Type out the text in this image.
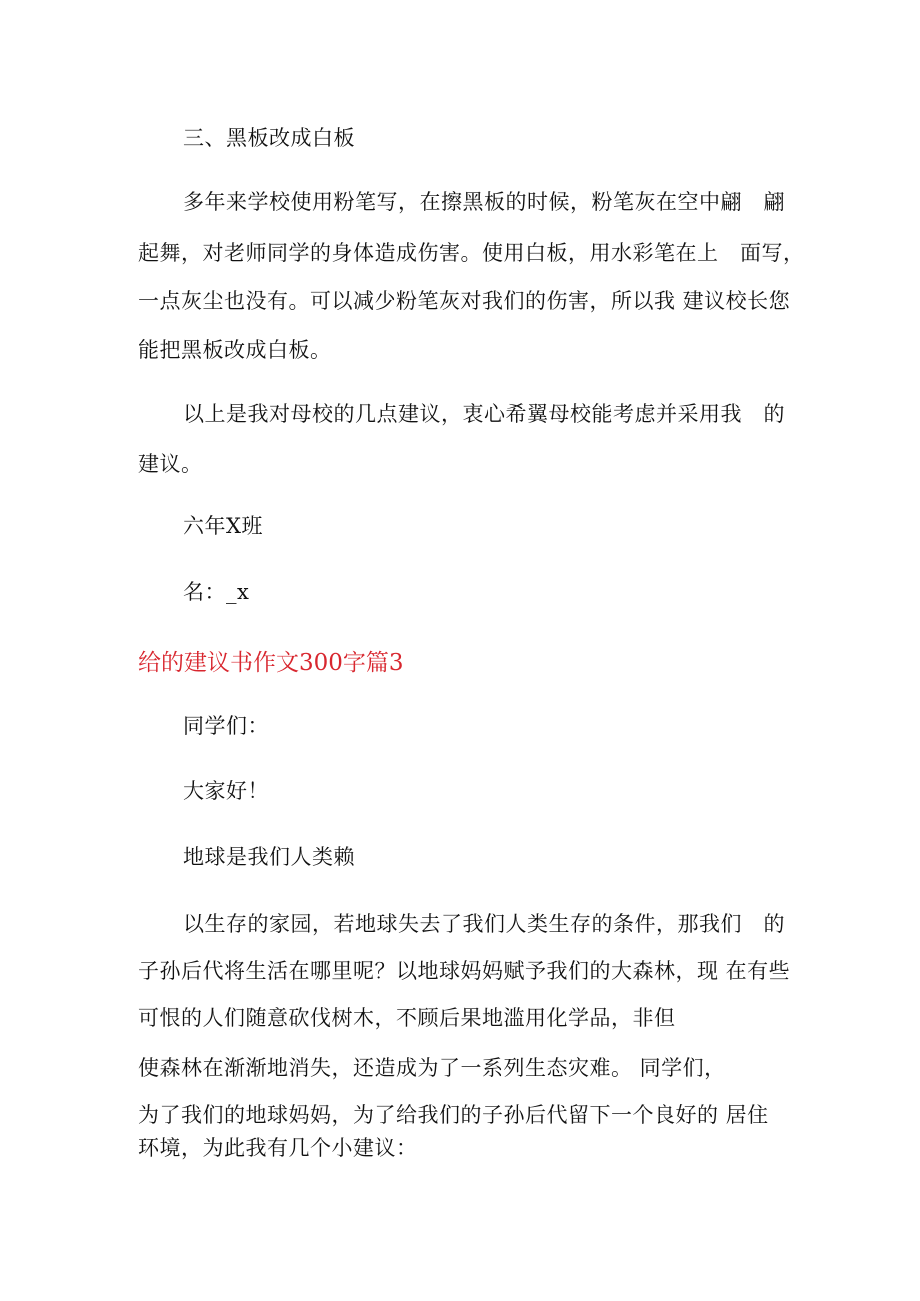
三、黑板改成白板
多年来学校使用粉笔写，在擦黑板的时候，粉笔灰在空中翩　翩
起舞，对老师同学的身体造成伤害。使用白板，用水彩笔在上　面写，
一点灰尘也没有。可以减少粉笔灰对我们的伤害，所以我 建议校长您
能把黑板改成白板。
以上是我对母校的几点建议，衷心希翼母校能考虑并采用我　的
建议。
六年X班
名：_x
给的建议书作文300字篇3
同学们：
大家好！
地球是我们人类赖
以生存的家园，若地球失去了我们人类生存的条件，那我们　的
子孙后代将生活在哪里呢？以地球妈妈赋予我们的大森林，现 在有些
可恨的人们随意砍伐树木，不顾后果地滥用化学品，非但
使森林在渐渐地消失，还造成为了一系列生态灾难。 同学们，
为了我们的地球妈妈，为了给我们的子孙后代留下一个良好的 居住
环境，为此我有几个小建议：
